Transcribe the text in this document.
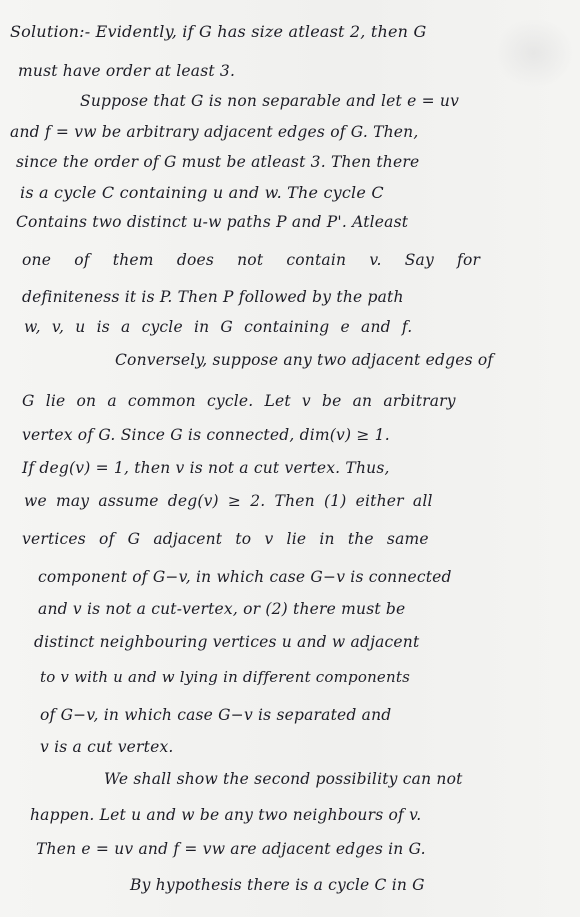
Solution:- Evidently, if G has size atleast 2, then G
must have order at least 3.
Suppose that G is non separable and let e = uv
and f = vw be arbitrary adjacent edges of G. Then,
since the order of G must be atleast 3. Then there
is a cycle C containing u and w. The cycle C
Contains two distinct u-w paths P and P'. Atleast
one of them does not contain v. Say for
definiteness it is P. Then P followed by the path
w, v, u is a cycle in G containing e and f.
Conversely, suppose any two adjacent edges of
G lie on a common cycle. Let v be an arbitrary
vertex of G. Since G is connected, dim(v) ≥ 1.
If deg(v) = 1, then v is not a cut vertex. Thus,
we may assume deg(v) ≥ 2. Then (1) either all
vertices of G adjacent to v lie in the same
component of G−v, in which case G−v is connected
and v is not a cut-vertex, or (2) there must be
distinct neighbouring vertices u and w adjacent
to v with u and w lying in different components
of G−v, in which case G−v is separated and
v is a cut vertex.
We shall show the second possibility can not
happen. Let u and w be any two neighbours of v.
Then e = uv and f = vw are adjacent edges in G.
By hypothesis there is a cycle C in G
